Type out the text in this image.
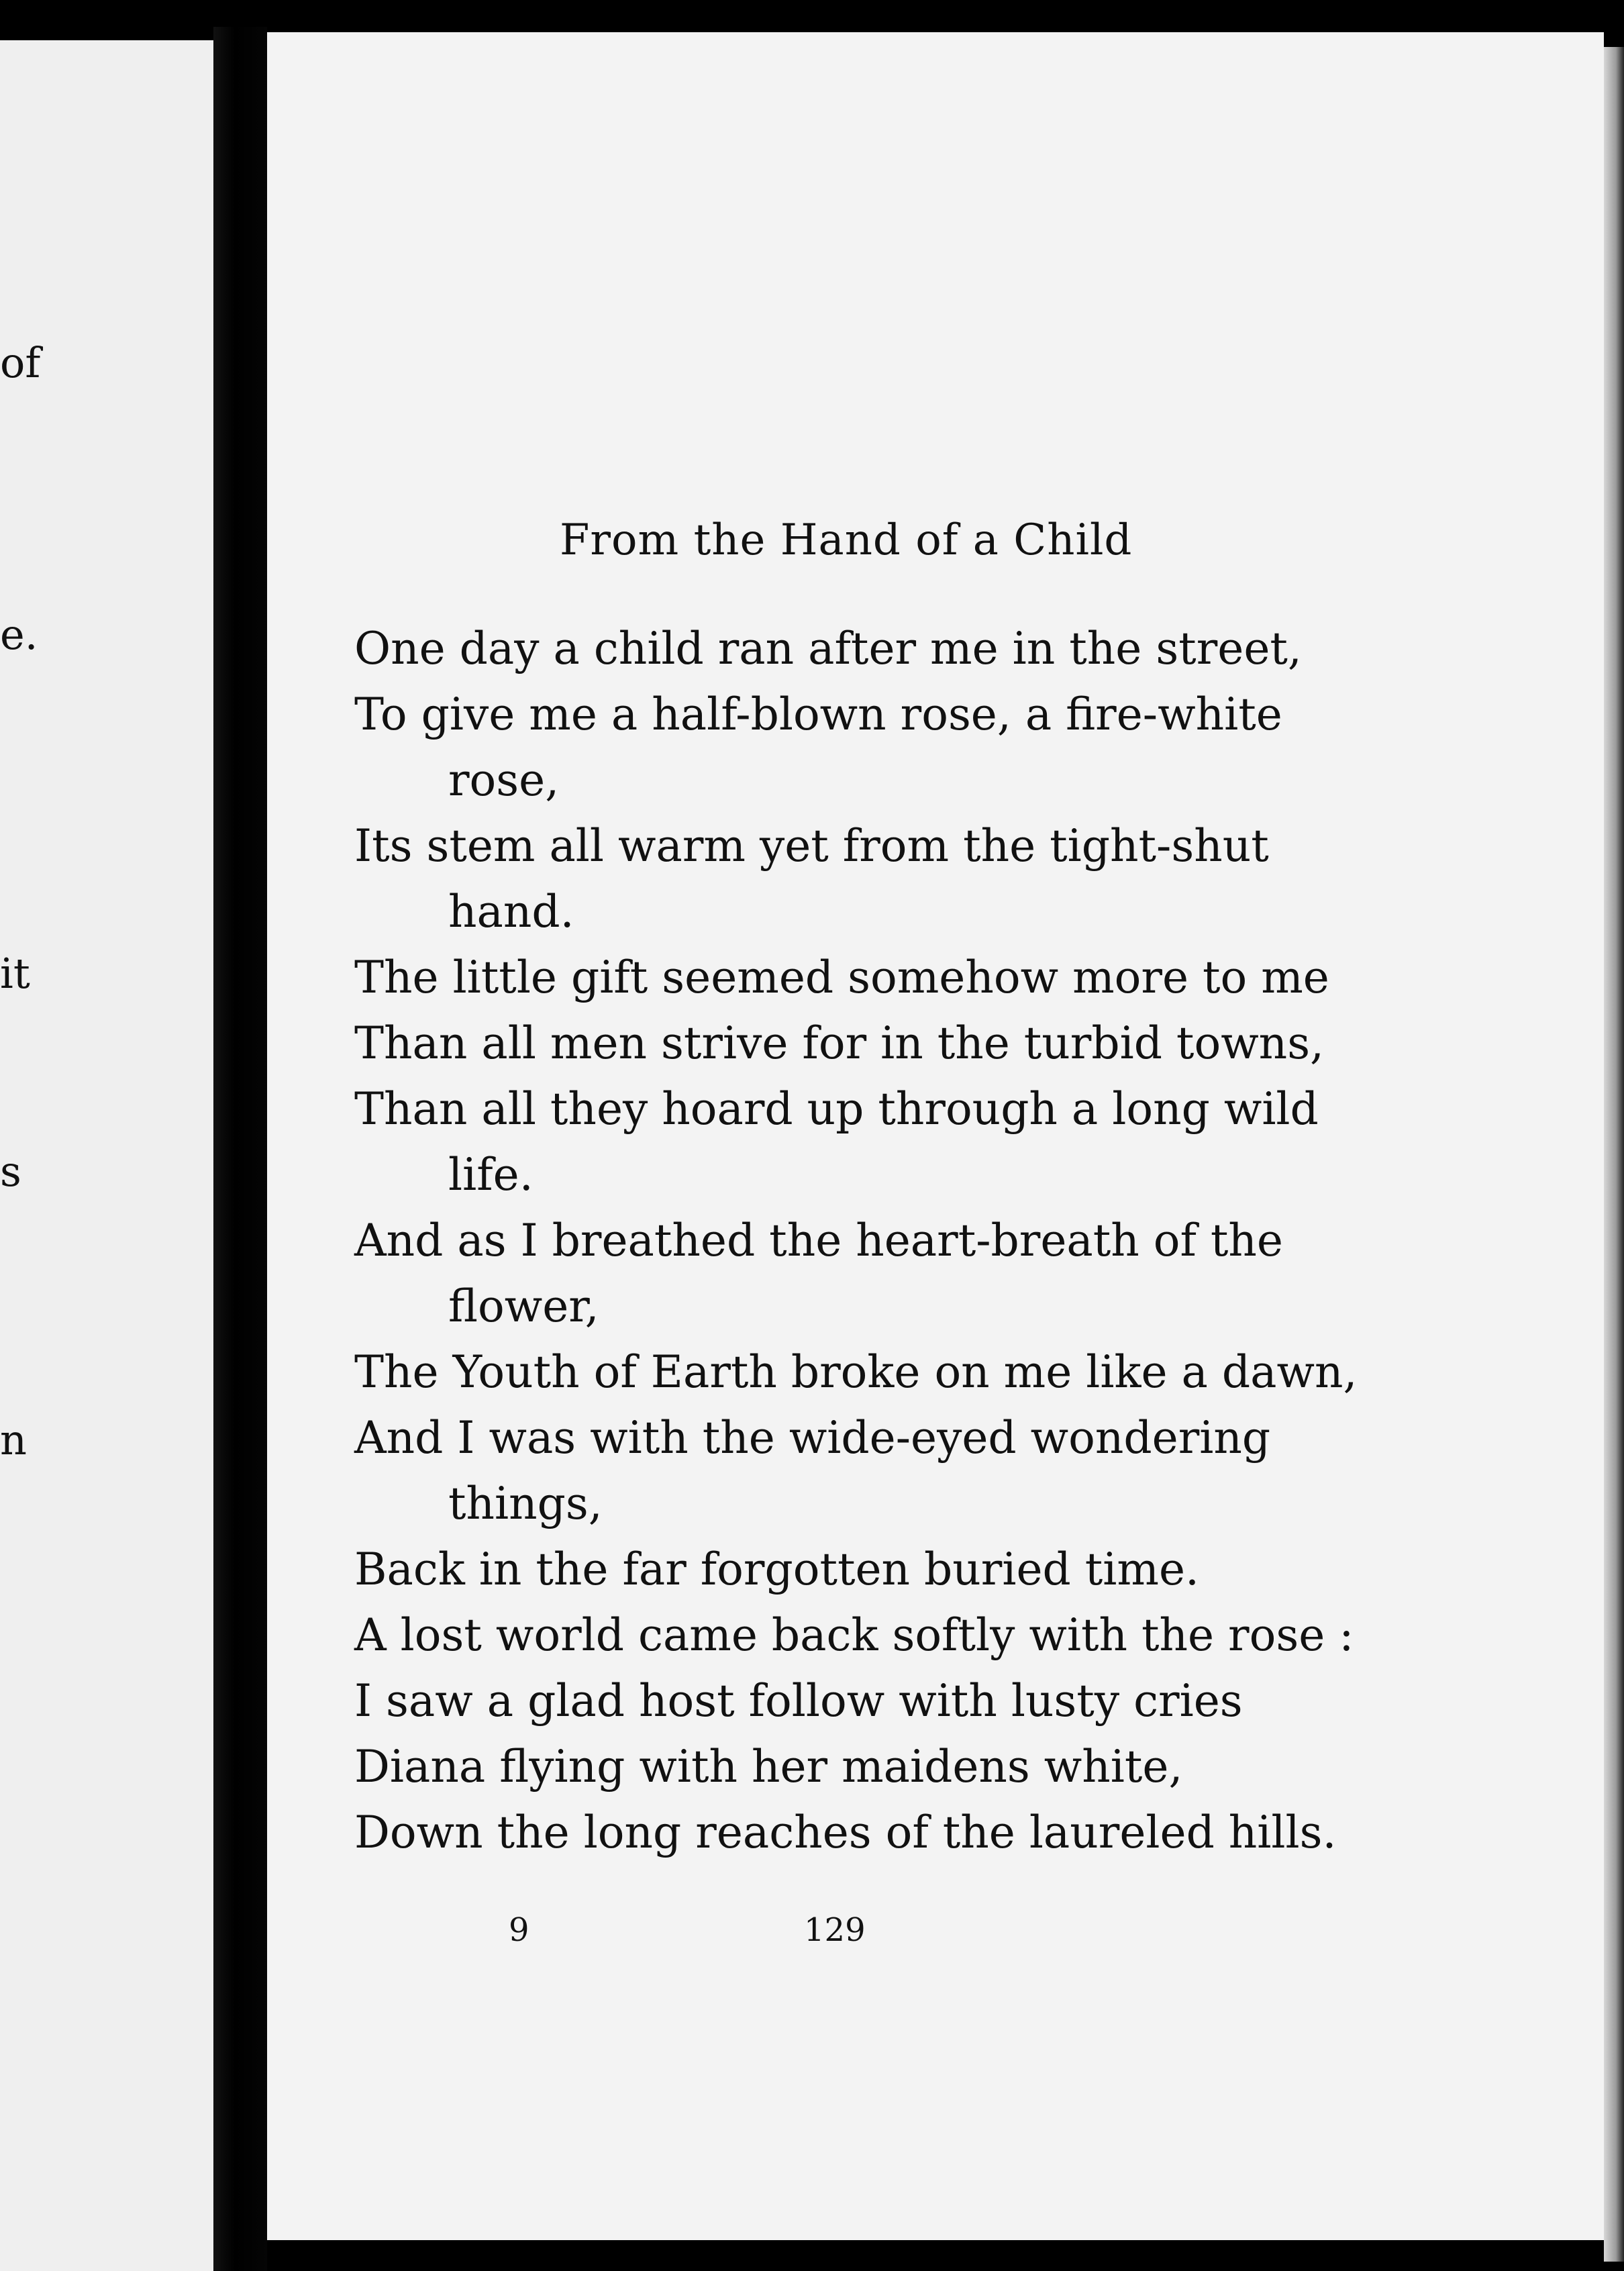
of
e.
it
s
n
From the Hand of a Child
One day a child ran after me in the street,
To give me a half-blown rose, a fire-white
rose,
Its stem all warm yet from the tight-shut
hand.
The little gift seemed somehow more to me
Than all men strive for in the turbid towns,
Than all they hoard up through a long wild
life.
And as I breathed the heart-breath of the
flower,
The Youth of Earth broke on me like a dawn,
And I was with the wide-eyed wondering
things,
Back in the far forgotten buried time.
A lost world came back softly with the rose :
I saw a glad host follow with lusty cries
Diana flying with her maidens white,
Down the long reaches of the laureled hills.
9	129
